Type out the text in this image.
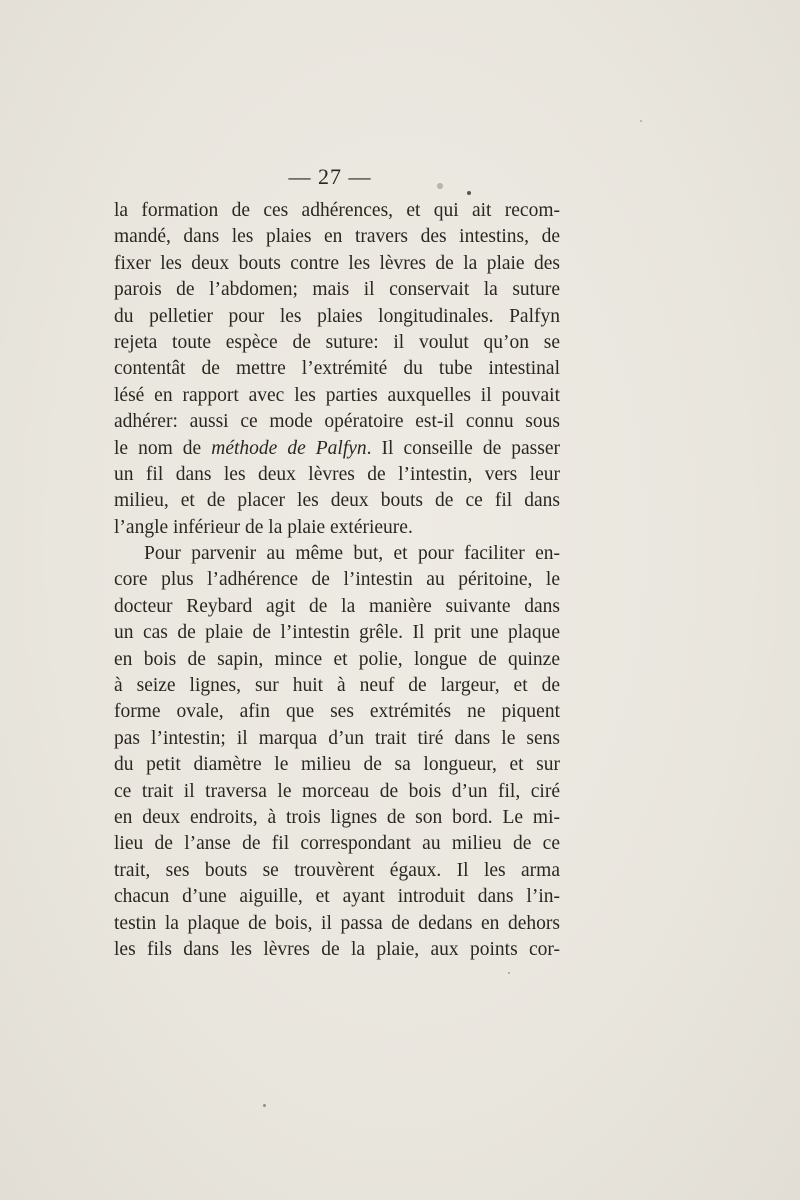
— 27 —
la formation de ces adhérences, et qui ait recom-
mandé, dans les plaies en travers des intestins, de
fixer les deux bouts contre les lèvres de la plaie des
parois de l’abdomen; mais il conservait la suture
du pelletier pour les plaies longitudinales. Palfyn
rejeta toute espèce de suture: il voulut qu’on se
contentât de mettre l’extrémité du tube intestinal
lésé en rapport avec les parties auxquelles il pouvait
adhérer: aussi ce mode opératoire est-il connu sous
le nom de méthode de Palfyn. Il conseille de passer
un fil dans les deux lèvres de l’intestin, vers leur
milieu, et de placer les deux bouts de ce fil dans
l’angle inférieur de la plaie extérieure.
Pour parvenir au même but, et pour faciliter en-
core plus l’adhérence de l’intestin au péritoine, le
docteur Reybard agit de la manière suivante dans
un cas de plaie de l’intestin grêle. Il prit une plaque
en bois de sapin, mince et polie, longue de quinze
à seize lignes, sur huit à neuf de largeur, et de
forme ovale, afin que ses extrémités ne piquent
pas l’intestin; il marqua d’un trait tiré dans le sens
du petit diamètre le milieu de sa longueur, et sur
ce trait il traversa le morceau de bois d’un fil, ciré
en deux endroits, à trois lignes de son bord. Le mi-
lieu de l’anse de fil correspondant au milieu de ce
trait, ses bouts se trouvèrent égaux. Il les arma
chacun d’une aiguille, et ayant introduit dans l’in-
testin la plaque de bois, il passa de dedans en dehors
les fils dans les lèvres de la plaie, aux points cor-
